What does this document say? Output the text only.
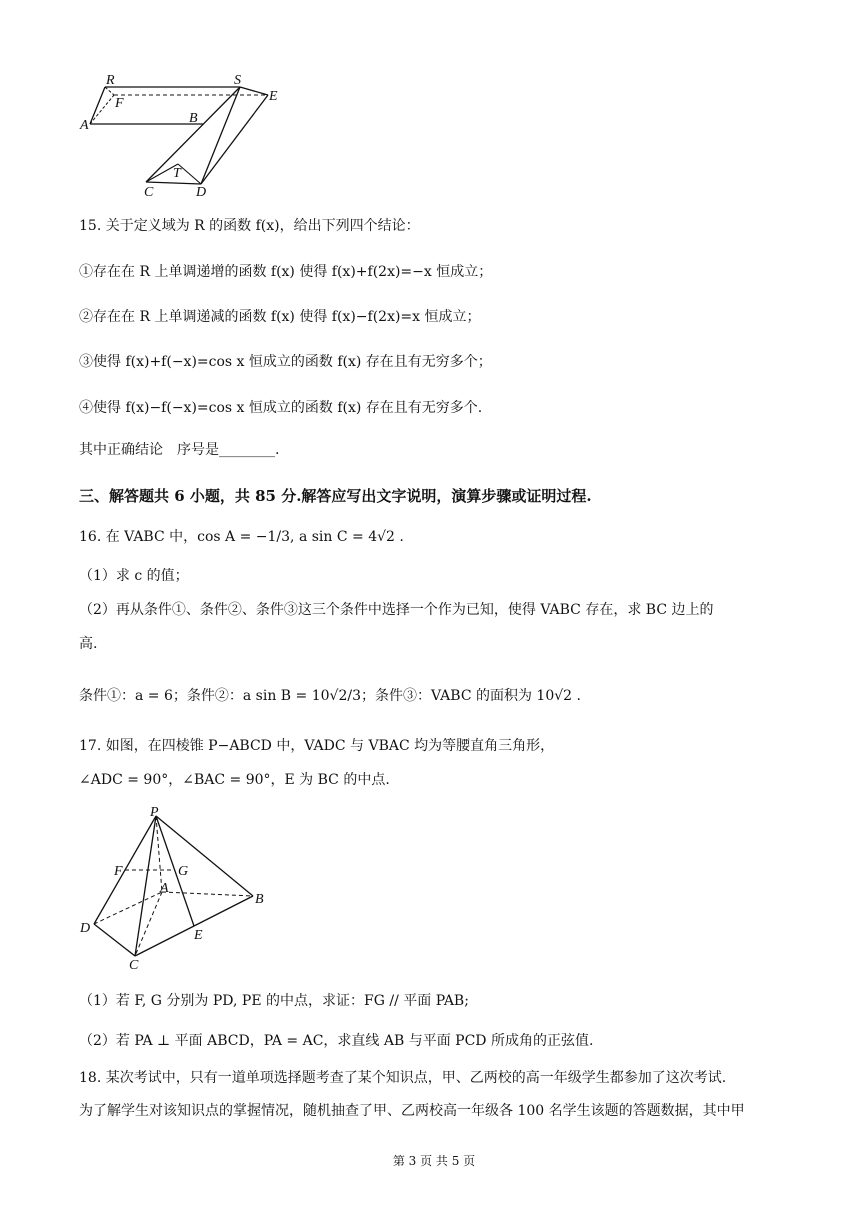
R	S
F	E
A	B
T
C	D
15. 关于定义域为 R 的函数 f(x)，给出下列四个结论：
①存在在 R 上单调递增的函数 f(x) 使得 f(x)+f(2x)=−x 恒成立；
②存在在 R 上单调递减的函数 f(x) 使得 f(x)−f(2x)=x 恒成立；
③使得 f(x)+f(−x)=cos x 恒成立的函数 f(x) 存在且有无穷多个；
④使得 f(x)−f(−x)=cos x 恒成立的函数 f(x) 存在且有无穷多个.
其中正确结论　序号是________.
三、解答题共 6 小题，共 85 分.解答应写出文字说明，演算步骤或证明过程.
16. 在 VABC 中，cos A = −1/3, a sin C = 4√2 .
（1）求 c 的值；
（2）再从条件①、条件②、条件③这三个条件中选择一个作为已知，使得 VABC 存在，求 BC 边上的
高.
条件①：a = 6；条件②：a sin B = 10√2/3；条件③：VABC 的面积为 10√2 .
17. 如图，在四棱锥 P−ABCD 中，VADC 与 VBAC 均为等腰直角三角形，
∠ADC = 90°，∠BAC = 90°，E 为 BC 的中点.
P
F	G
A
B
D	E
C
（1）若 F, G 分别为 PD, PE 的中点，求证：FG // 平面 PAB;
（2）若 PA ⊥ 平面 ABCD，PA = AC，求直线 AB 与平面 PCD 所成角的正弦值.
18. 某次考试中，只有一道单项选择题考查了某个知识点，甲、乙两校的高一年级学生都参加了这次考试.
为了解学生对该知识点的掌握情况，随机抽查了甲、乙两校高一年级各 100 名学生该题的答题数据，其中甲
第 3 页 共 5 页
